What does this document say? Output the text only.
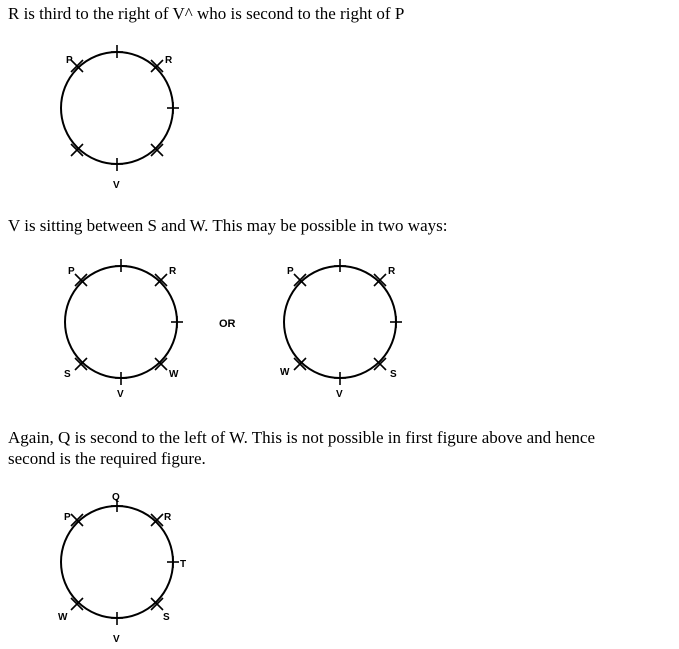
R is third to the right of V^ who is second to the right of P
V is sitting between S and W. This may be possible in two ways:
Again, Q is second to the left of W. This is not possible in first figure above and hence
second is the required figure.
P	R
V
P	R
S
V
W
OR
P	R
W
V
S
Q
P	R
T
W
V
S
